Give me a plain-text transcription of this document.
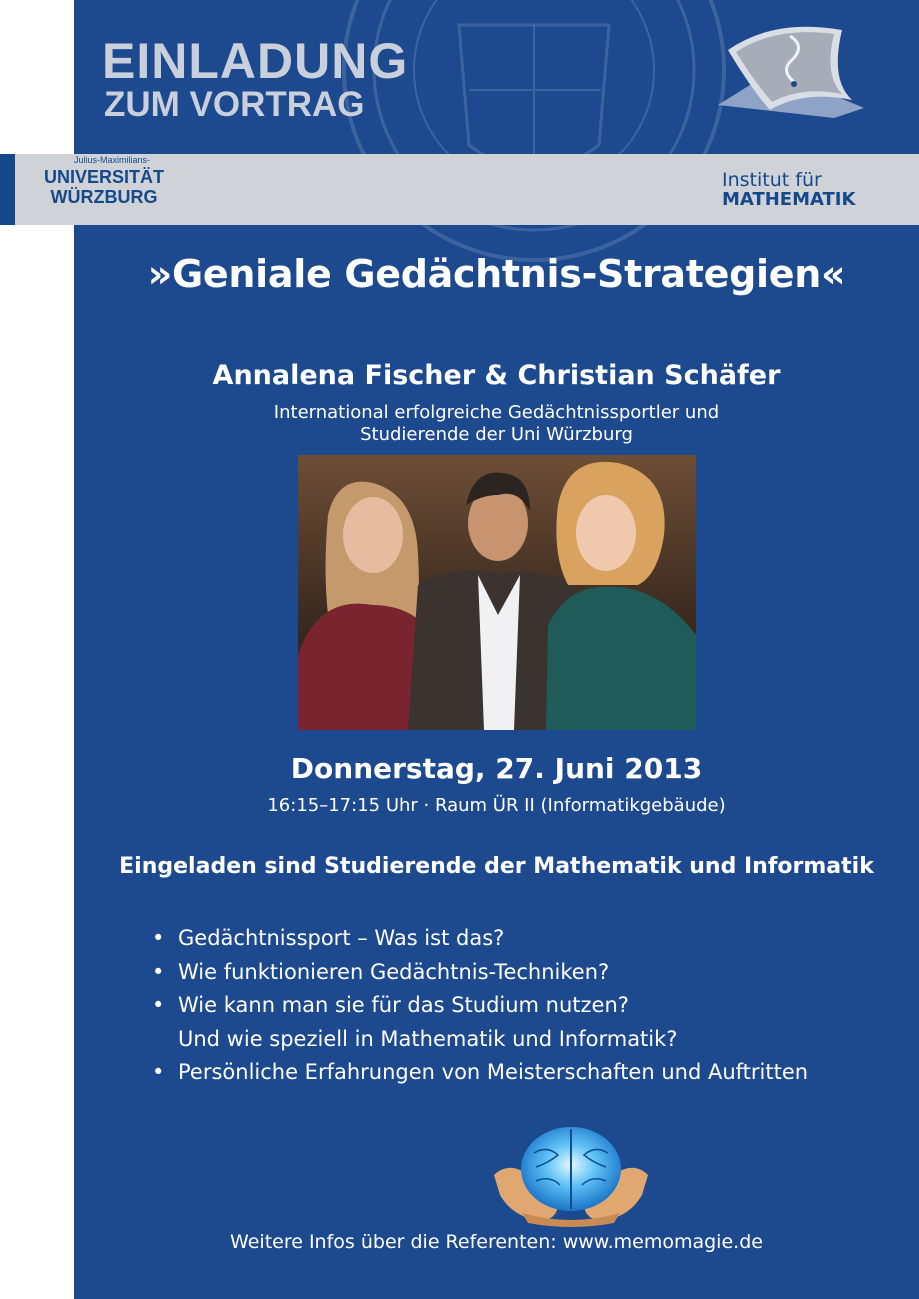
EINLADUNG
ZUM VORTRAG
Julius-Maximilians-
UNIVERSITÄT
WÜRZBURG
Institut für
MATHEMATIK
»Geniale Gedächtnis-Strategien«
Annalena Fischer & Christian Schäfer
International erfolgreiche Gedächtnissportler und
Studierende der Uni Würzburg
Donnerstag, 27. Juni 2013
16:15–17:15 Uhr · Raum ÜR II (Informatikgebäude)
Eingeladen sind Studierende der Mathematik und Informatik
• Gedächtnissport – Was ist das?
• Wie funktionieren Gedächtnis-Techniken?
• Wie kann man sie für das Studium nutzen?
Und wie speziell in Mathematik und Informatik?
• Persönliche Erfahrungen von Meisterschaften und Auftritten
Weitere Infos über die Referenten: www.memomagie.de
